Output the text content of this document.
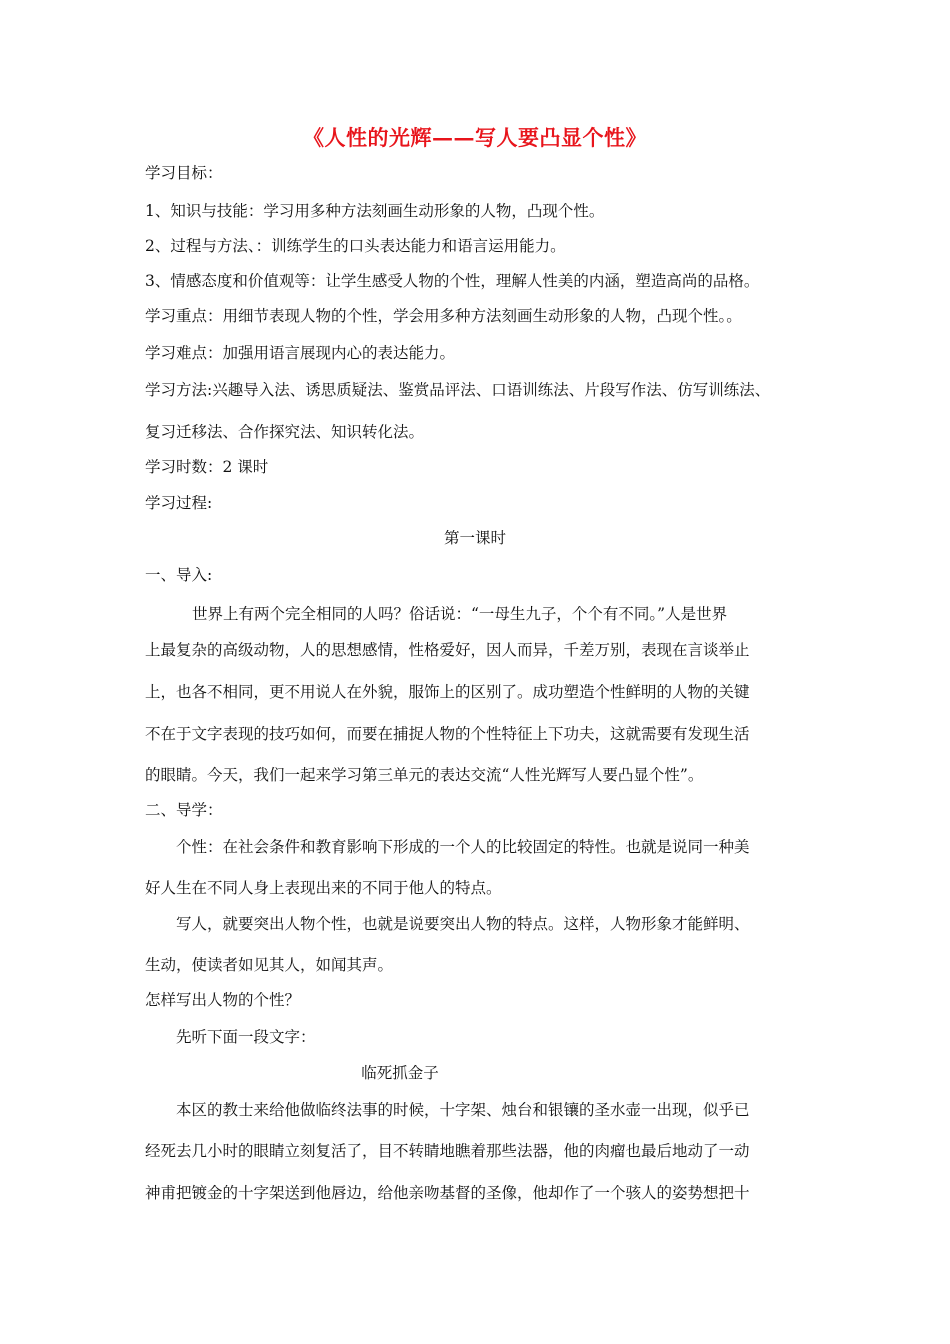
《人性的光辉——写人要凸显个性》
学习目标：
1、知识与技能：学习用多种方法刻画生动形象的人物，凸现个性。
2、过程与方法、：训练学生的口头表达能力和语言运用能力。
3、情感态度和价值观等：让学生感受人物的个性，理解人性美的内涵，塑造高尚的品格。
学习重点：用细节表现人物的个性，学会用多种方法刻画生动形象的人物，凸现个性。。
学习难点：加强用语言展现内心的表达能力。
学习方法:兴趣导入法、诱思质疑法、鉴赏品评法、口语训练法、片段写作法、仿写训练法、
复习迁移法、合作探究法、知识转化法。
学习时数：2 课时
学习过程:
第一课时
一、导入:
世界上有两个完全相同的人吗？俗话说：“一母生九子，个个有不同。”人是世界
上最复杂的高级动物，人的思想感情，性格爱好，因人而异，千差万别，表现在言谈举止
上，也各不相同，更不用说人在外貌，服饰上的区别了。成功塑造个性鲜明的人物的关键
不在于文字表现的技巧如何，而要在捕捉人物的个性特征上下功夫，这就需要有发现生活
的眼睛。今天，我们一起来学习第三单元的表达交流“人性光辉写人要凸显个性”。
二、导学：
个性：在社会条件和教育影响下形成的一个人的比较固定的特性。也就是说同一种美
好人生在不同人身上表现出来的不同于他人的特点。
写人，就要突出人物个性，也就是说要突出人物的特点。这样，人物形象才能鲜明、
生动，使读者如见其人，如闻其声。
怎样写出人物的个性？
先听下面一段文字：
临死抓金子
本区的教士来给他做临终法事的时候，十字架、烛台和银镶的圣水壶一出现，似乎已
经死去几小时的眼睛立刻复活了，目不转睛地瞧着那些法器，他的肉瘤也最后地动了一动
神甫把镀金的十字架送到他唇边，给他亲吻基督的圣像，他却作了一个骇人的姿势想把十
